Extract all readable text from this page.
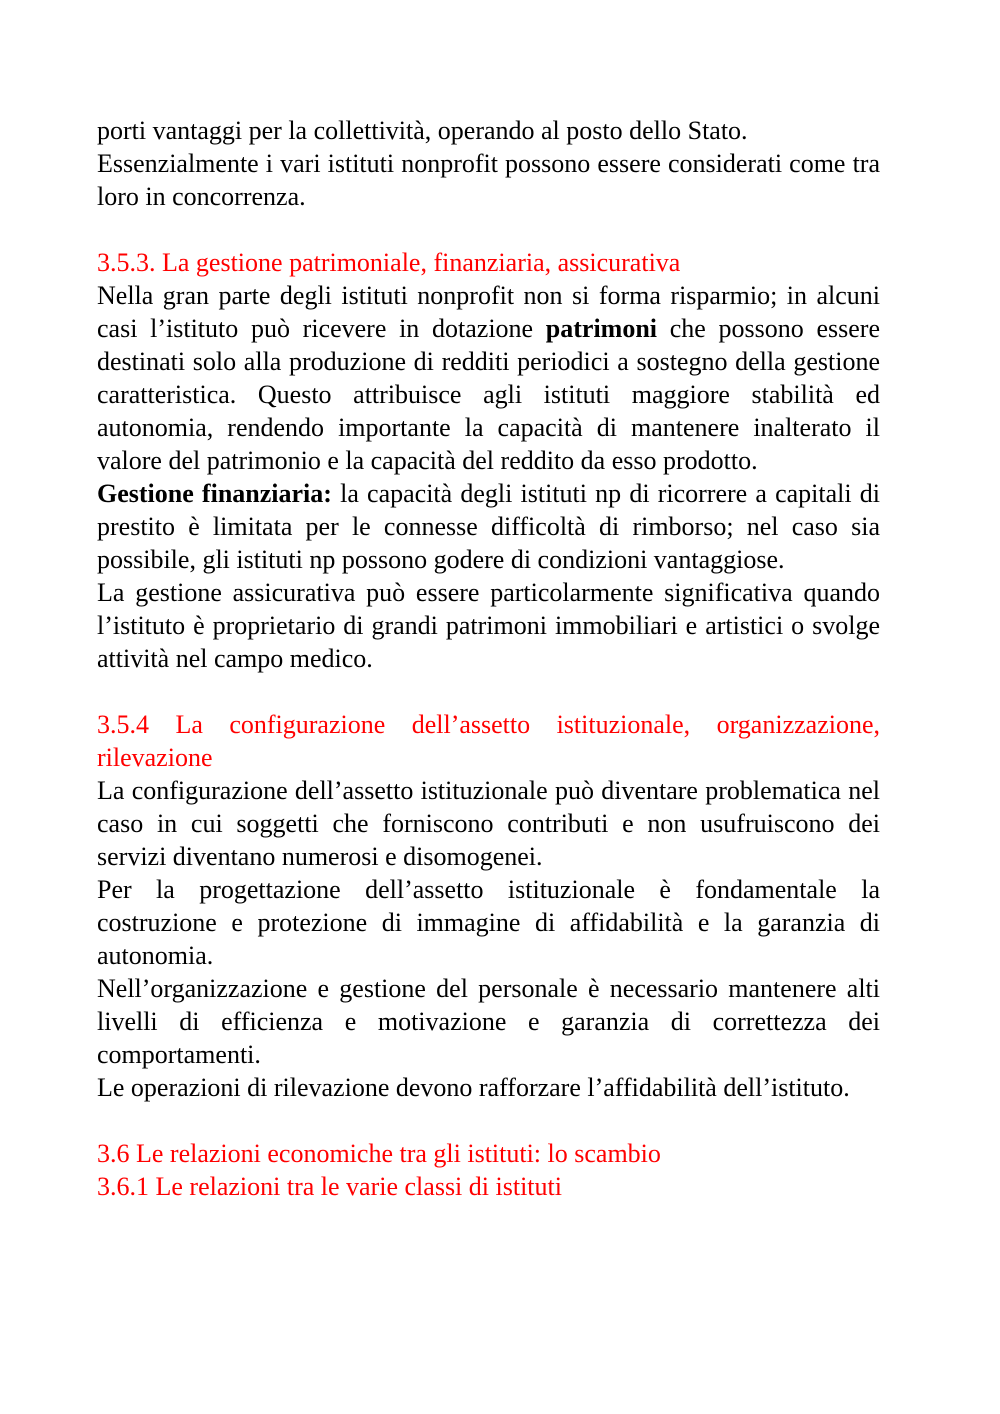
porti vantaggi per la collettività, operando al posto dello Stato.

Essenzialmente i vari istituti nonprofit possono essere considerati come tra loro in concorrenza.

3.5.3. La gestione patrimoniale, finanziaria, assicurativa

Nella gran parte degli istituti nonprofit non si forma risparmio; in alcuni casi l’istituto può ricevere in dotazione patrimoni che possono essere destinati solo alla produzione di redditi periodici a sostegno della gestione caratteristica. Questo attribuisce agli istituti maggiore stabilità ed autonomia, rendendo importante la capacità di mantenere inalterato il valore del patrimonio e la capacità del reddito da esso prodotto.

Gestione finanziaria: la capacità degli istituti np di ricorrere a capitali di prestito è limitata per le connesse difficoltà di rimborso; nel caso sia possibile, gli istituti np possono godere di condizioni vantaggiose.

La gestione assicurativa può essere particolarmente significativa quando l’istituto è proprietario di grandi patrimoni immobiliari e artistici o svolge attività nel campo medico.

3.5.4 La configurazione dell’assetto istituzionale, organizzazione, rilevazione

La configurazione dell’assetto istituzionale può diventare problematica nel caso in cui soggetti che forniscono contributi e non usufruiscono dei servizi diventano numerosi e disomogenei.

Per la progettazione dell’assetto istituzionale è fondamentale la costruzione e protezione di immagine di affidabilità e la garanzia di autonomia.

Nell’organizzazione e gestione del personale è necessario mantenere alti livelli di efficienza e motivazione e garanzia di correttezza dei comportamenti.

Le operazioni di rilevazione devono rafforzare l’affidabilità dell’istituto.

3.6 Le relazioni economiche tra gli istituti: lo scambio

3.6.1 Le relazioni tra le varie classi di istituti
